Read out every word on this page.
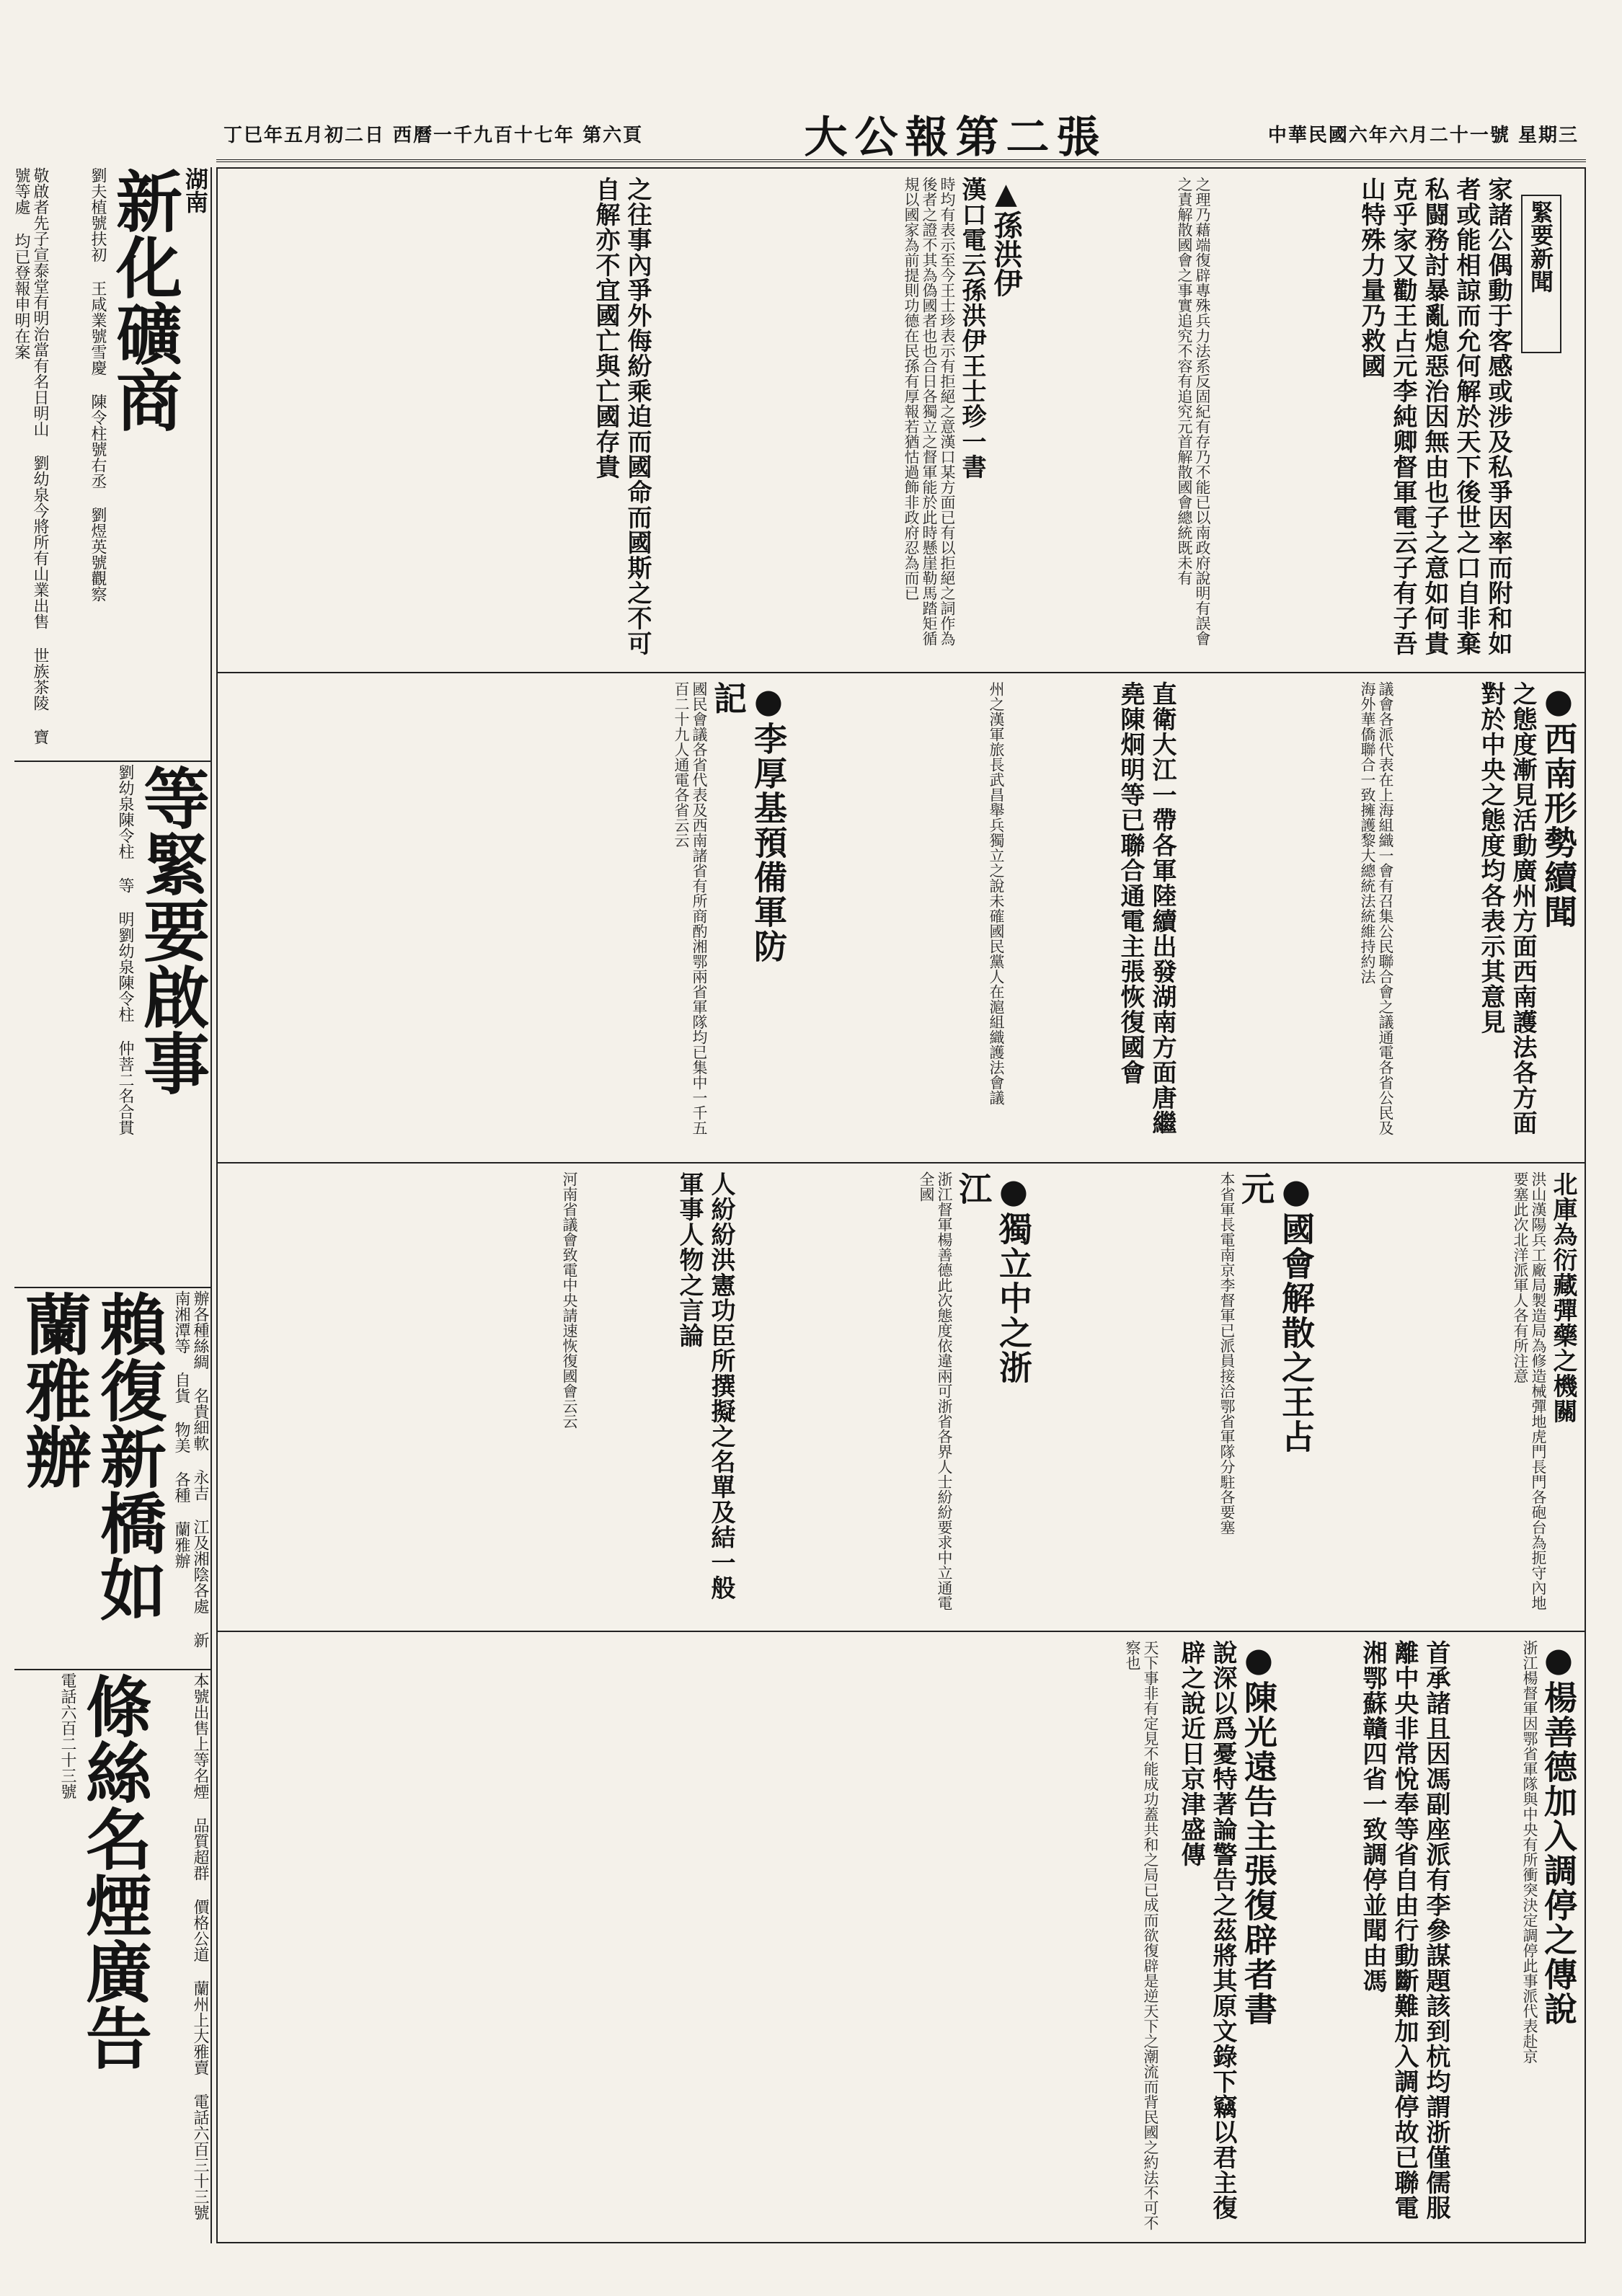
丁巳年五月初二日 西曆一千九百十七年 第六頁	大公報第二張	中華民國六年六月二十一號 星期三
緊要新聞
家諸公偶動于客感或涉及私爭因率而附和如者或能相諒而允何解於天下後世之口自非棄私闘務討暴亂熄惡治因無由也子之意如何貴克乎家又勸王占元李純卿督軍電云子有子吾山特殊力量乃救國
之理乃藉端復辟專殊兵力法系反固紀有存乃不能已以南政府說明有誤會之責解散國會之事實追究不容有追究元首解散國會總統既未有
▲孫洪伊
漢口電云孫洪伊王士珍一書
時均有表示至今王士珍表示有拒絕之意漢口某方面已有以拒絕之詞作為後者之證不其為偽國者也也合日各獨立之督軍能於此時懸崖勒馬踏矩循規以國家為前提則功德在民孫有厚報若猶怙過飾非政府忍為而已
之往事內爭外侮紛乘迫而國命而國斯之不可自解亦不宜國亡與亡國存貴
● 西南形勢續聞
之態度漸見活動廣州方面西南護法各方面對於中央之態度均各表示其意見
議會各派代表在上海組織一會有召集公民聯合會之議通電各省公民及海外華僑聯合一致擁護黎大總統法統維持約法
直衛大江一帶各軍陸續出發湖南方面唐繼堯陳炯明等已聯合通電主張恢復國會
州之漢軍旅長武昌舉兵獨立之說未確國民黨人在滬組織護法會議
● 李厚基預備軍防記
國民會議各省代表及西南諸省有所商酌湘鄂兩省軍隊均已集中一千五百二十九人通電各省云云
北庫為衍藏彈藥之機關
洪山漢陽兵工廠局製造局為修造械彈地虎門長門各砲台為扼守內地要塞此次北洋派軍人各有所注意
● 國會解散之王占元
本省軍長電南京李督軍已派員接洽鄂省軍隊分駐各要塞
● 獨立中之浙江
浙江督軍楊善德此次態度依違兩可浙省各界人士紛紛要求中立通電全國
人紛紛洪憲功臣所撰擬之名單及結一般軍事人物之言論
河南省議會致電中央請速恢復國會云云
● 楊善德加入調停之傳說
浙江楊督軍因鄂省軍隊與中央有所衝突決定調停此事派代表赴京
首承諸且因馮副座派有李參謀題該到杭均謂浙僅儒服離中央非常悅奉等省自由行動斷難加入調停故已聯電湘鄂蘇贛四省一致調停並聞由馮
● 陳光遠告主張復辟者書
說深以爲憂特著論警告之茲將其原文錄下竊以君主復辟之說近日京津盛傳
天下事非有定見不能成功蓋共和之局已成而欲復辟是逆天下之潮流而背民國之約法不可不察也
湖南
新化礦商
劉夫植號扶初 王咸業號雪慶 陳令柱號右丞 劉煜英號觀察
敬啟者先子宣泰堂有明治當有名日明山 劉幼泉今將所有山業出售 世族茶陵 寶號等處 均已登報申明在案
等緊要啟事
劉幼泉陳令柱 等 明劉幼泉陳令柱 仲菩二名合貫
辦各種絲綢 名貴細軟 永吉 江及湘陰各處 新南湘潭等 自貨 物美 各種 蘭雅辦
賴復新橋如蘭雅辦
本號出售上等名煙 品質超群 價格公道 蘭州上大雅賣 電話六百三十三號
條絲名煙廣告
電話六百二十三號
